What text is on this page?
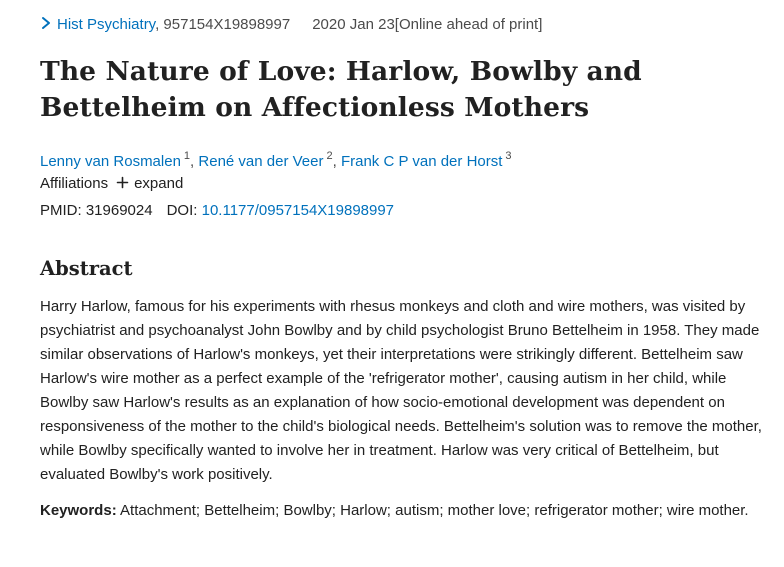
Hist Psychiatry, 957154X19898997 2020 Jan 23[Online ahead of print]
The Nature of Love: Harlow, Bowlby and Bettelheim on Affectionless Mothers
Lenny van Rosmalen $^1$, René van der Veer $^2$, Frank C P van der Horst $^3$
Affiliations expand
PMID: 31969024 DOI: 10.1177/0957154X19898997
Abstract

Harry Harlow, famous for his experiments with rhesus monkeys and cloth and wire mothers, was visited by psychiatrist and psychoanalyst John Bowlby and by child psychologist Bruno Bettelheim in 1958. They made similar observations of Harlow's monkeys, yet their interpretations were strikingly different. Bettelheim saw Harlow's wire mother as a perfect example of the 'refrigerator mother', causing autism in her child, while Bowlby saw Harlow's results as an explanation of how socio-emotional development was dependent on responsiveness of the mother to the child's biological needs. Bettelheim's solution was to remove the mother, while Bowlby specifically wanted to involve her in treatment. Harlow was very critical of Bettelheim, but evaluated Bowlby's work positively.

Keywords: Attachment; Bettelheim; Bowlby; Harlow; autism; mother love; refrigerator mother; wire mother.
